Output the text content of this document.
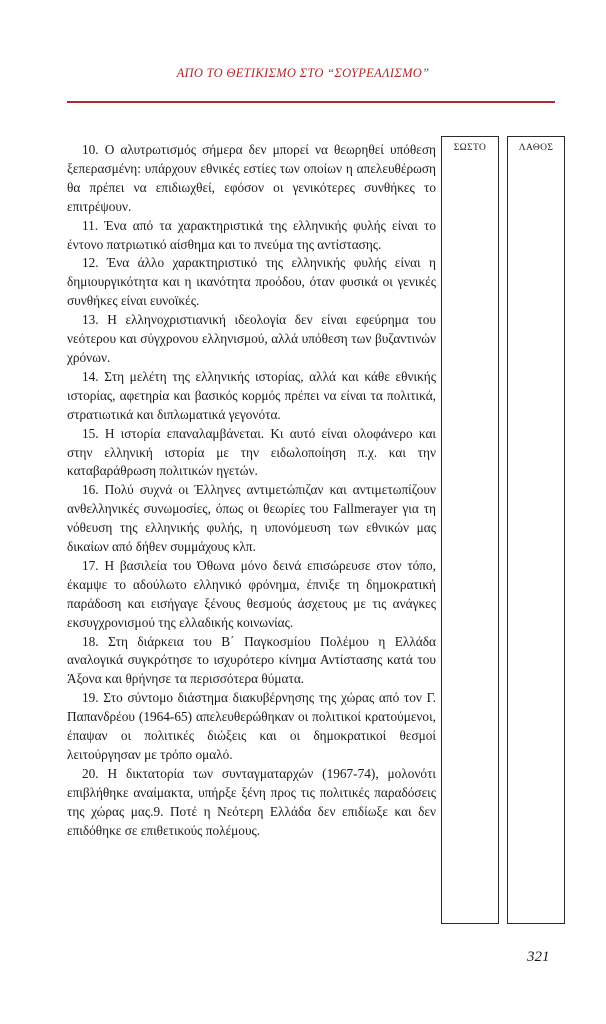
ΑΠΟ ΤΟ ΘΕΤΙΚΙΣΜΟ ΣΤΟ “ΣΟΥΡΕΑΛΙΣΜΟ”

10. Ο αλυτρωτισμός σήμερα δεν μπορεί να θεωρηθεί υπόθεση ξεπερασμένη: υπάρχουν εθνικές εστίες των οποίων η απελευθέρωση θα πρέπει να επιδιωχθεί, εφόσον οι γενικότερες συνθήκες το επιτρέψουν.

11. Ένα από τα χαρακτηριστικά της ελληνικής φυλής είναι το έντονο πατριωτικό αίσθημα και το πνεύμα της αντίστασης.

12. Ένα άλλο χαρακτηριστικό της ελληνικής φυλής είναι η δημιουργικότητα και η ικανότητα προόδου, όταν φυσικά οι γενικές συνθήκες είναι ευνοϊκές.

13. Η ελληνοχριστιανική ιδεολογία δεν είναι εφεύρημα του νεότερου και σύγχρονου ελληνισμού, αλλά υπόθεση των βυζαντινών χρόνων.

14. Στη μελέτη της ελληνικής ιστορίας, αλλά και κάθε εθνικής ιστορίας, αφετηρία και βασικός κορμός πρέπει να είναι τα πολιτικά, στρατιωτικά και διπλωματικά γεγονότα.

15. Η ιστορία επαναλαμβάνεται. Κι αυτό είναι ολοφάνερο και στην ελληνική ιστορία με την ειδωλοποίηση π.χ. και την καταβαράθρωση πολιτικών ηγετών.

16. Πολύ συχνά οι Έλληνες αντιμετώπιζαν και αντιμετωπίζουν ανθελληνικές συνωμοσίες, όπως οι θεωρίες του Fallmerayer για τη νόθευση της ελληνικής φυλής, η υπονόμευση των εθνικών μας δικαίων από δήθεν συμμάχους κλπ.

17. Η βασιλεία του Όθωνα μόνο δεινά επισώρευσε στον τόπο, έκαμψε το αδούλωτο ελληνικό φρόνημα, έπνιξε τη δημοκρατική παράδοση και εισήγαγε ξένους θεσμούς άσχετους με τις ανάγκες εκσυγχρονισμού της ελλαδικής κοινωνίας.

18. Στη διάρκεια του Β΄ Παγκοσμίου Πολέμου η Ελλάδα αναλογικά συγκρότησε το ισχυρότερο κίνημα Αντίστασης κατά του Άξονα και θρήνησε τα περισσότερα θύματα.

19. Στο σύντομο διάστημα διακυβέρνησης της χώρας από τον Γ. Παπανδρέου (1964-65) απελευθερώθηκαν οι πολιτικοί κρατούμενοι, έπαψαν οι πολιτικές διώξεις και οι δημοκρατικοί θεσμοί λειτούργησαν με τρόπο ομαλό.

20. Η δικτατορία των συνταγματαρχών (1967-74), μολονότι επιβλήθηκε αναίμακτα, υπήρξε ξένη προς τις πολιτικές παραδόσεις της χώρας μας.9. Ποτέ η Νεότερη Ελλάδα δεν επιδίωξε και δεν επιδόθηκε σε επιθετικούς πολέμους.

ΣΩΣΤΟ	ΛΑΘΟΣ
321
